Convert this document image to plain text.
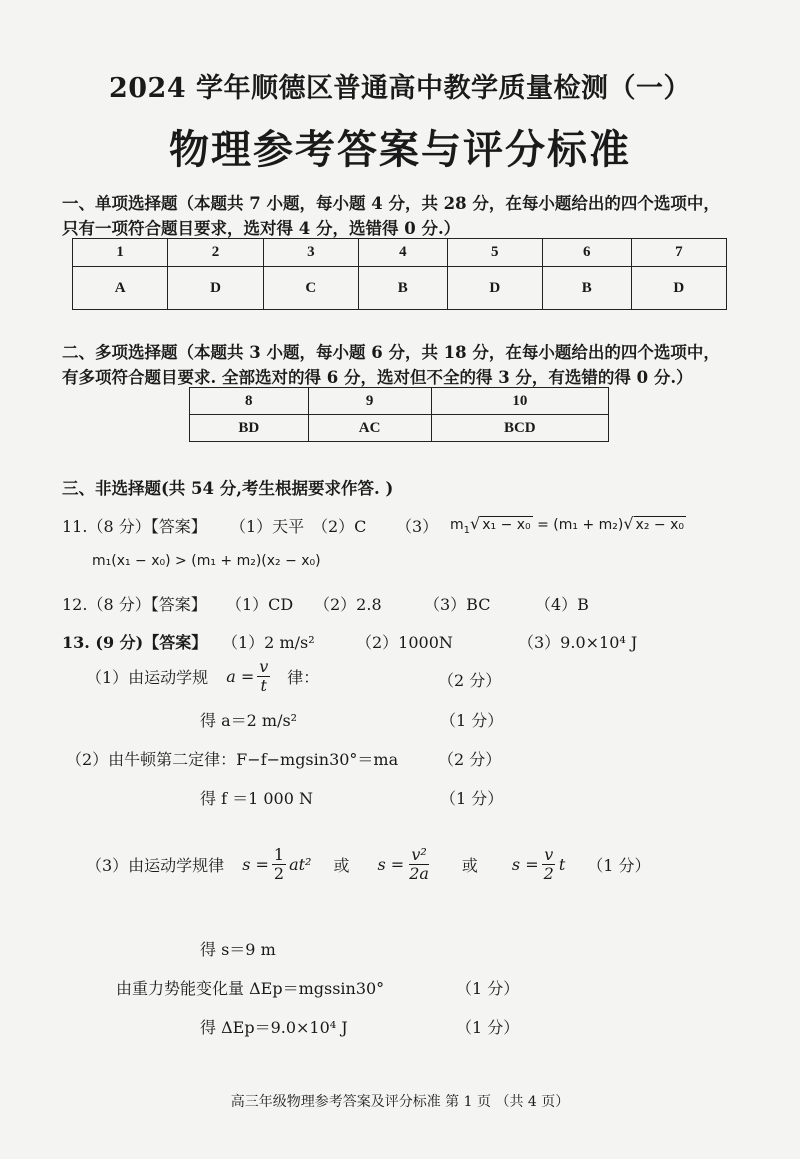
2024 学年顺德区普通高中教学质量检测（一）
物理参考答案与评分标准
一、单项选择题（本题共 7 小题，每小题 4 分，共 28 分，在每小题给出的四个选项中，
只有一项符合题目要求，选对得 4 分，选错得 0 分.）
1	2	3	4	5	6	7
A	D	C	B	D	B	D
二、多项选择题（本题共 3 小题，每小题 6 分，共 18 分，在每小题给出的四个选项中，
有多项符合题目要求. 全部选对的得 6 分，选对但不全的得 3 分，有选错的得 0 分.）
8	9	10
BD	AC	BCD
三、非选择题(共 54 分,考生根据要求作答. )
11.（8 分）【答案】 （1）天平 （2）C （3） $m_1√$ x₁ − x₀ = (m₁ + m₂)√ x₂ − x₀
m₁(x₁ − x₀) > (m₁ + m₂)(x₂ − x₀)
12.（8 分）【答案】 （1）CD （2）2.8	（3）BC	（4）B
13. (9 分)【答案】 （1）2 m/s²	（2）1000N	（3）9.0×10⁴ J
（1）由运动学规 $a = \frac{v}{t}$ 律：	（2 分）
得 a＝2 m/s²	（1 分）
（2）由牛顿第二定律：F−f−mgsin30°＝ma （2 分）
得 f ＝1 000 N	（1 分）
（3）由运动学规律 $s = \frac{1}{2} at^2$ 或 $s = \frac{\text{v²}}{2a}$ 或 $s = \frac{v}{2}$ t （1 分）
得 s＝9 m
由重力势能变化量 ΔEp＝mgssin30°	（1 分）
得 ΔEp＝9.0×10⁴ J	（1 分）
高三年级物理参考答案及评分标准 第 1 页 （共 4 页）
